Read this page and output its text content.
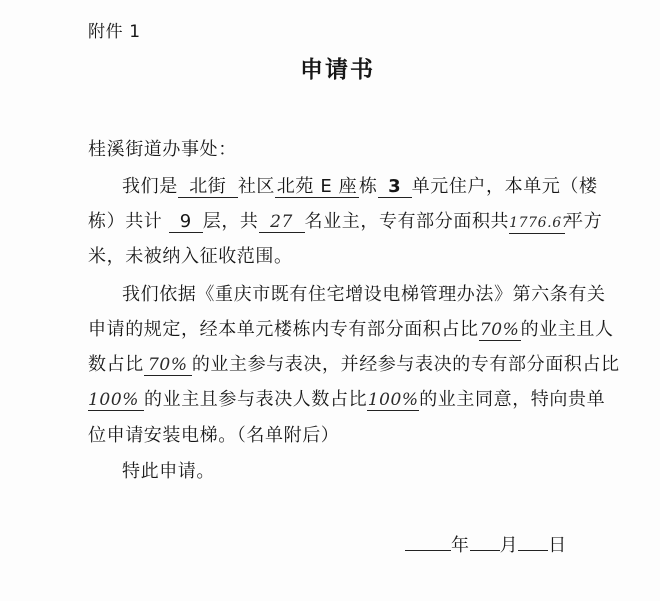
附件 1
申请书
桂溪街道办事处：
我们是 北街 社区北苑 E 座栋 3 单元住户，本单元（楼
栋）共计 9 层，共 27 名业主，专有部分面积共1776.67平方
米，未被纳入征收范围。
我们依据《重庆市既有住宅增设电梯管理办法》第六条有关
申请的规定，经本单元楼栋内专有部分面积占比70%的业主且人
数占比 70% 的业主参与表决，并经参与表决的专有部分面积占比
100% 的业主且参与表决人数占比100%的业主同意，特向贵单
位申请安装电梯。（名单附后）
特此申请。
年 月 日
